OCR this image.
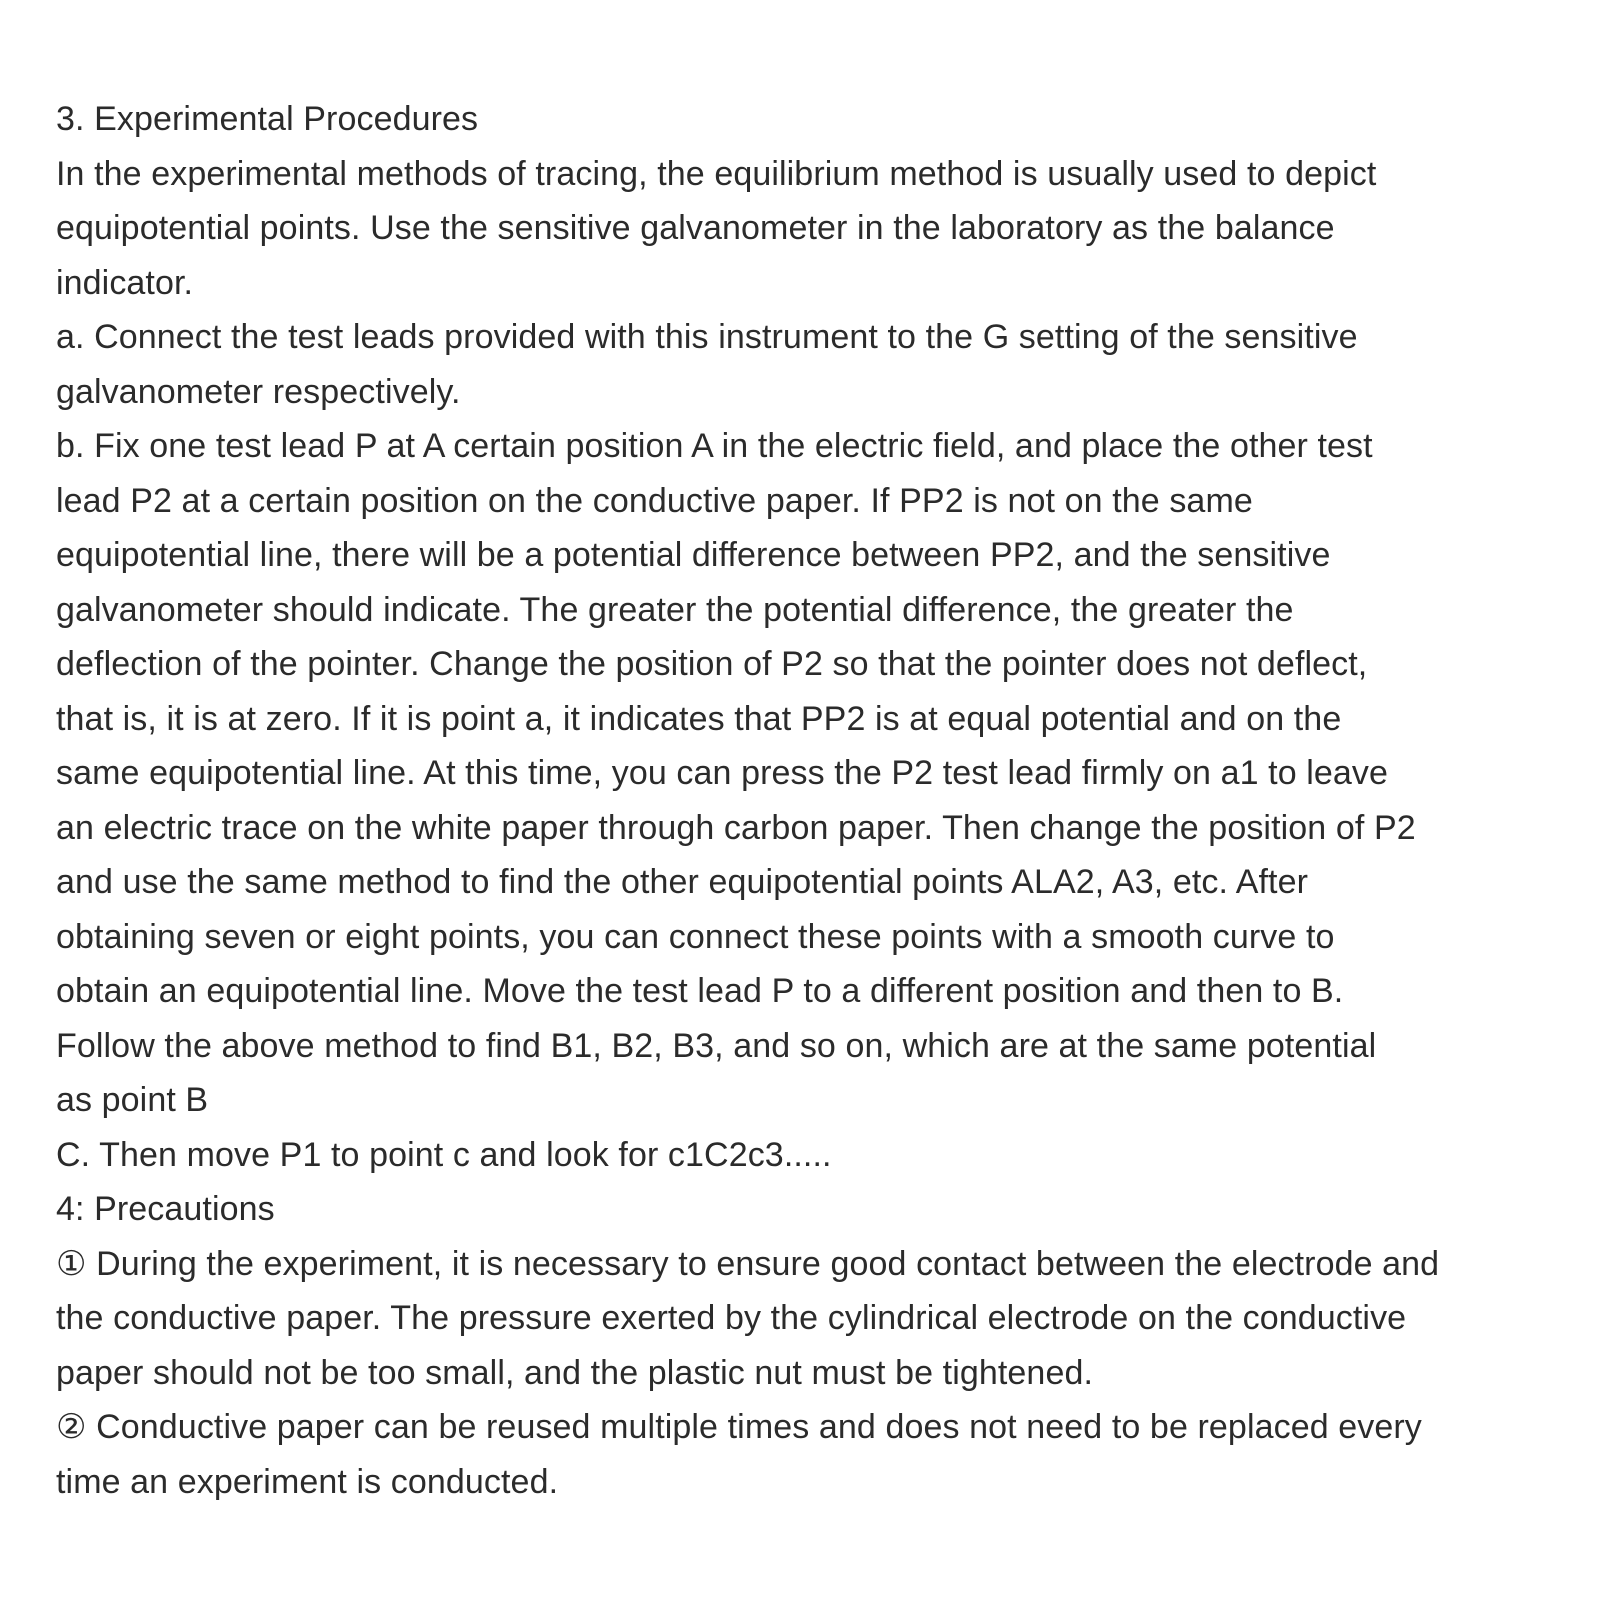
3. Experimental Procedures
In the experimental methods of tracing, the equilibrium method is usually used to depict
equipotential points. Use the sensitive galvanometer in the laboratory as the balance
indicator.
a. Connect the test leads provided with this instrument to the G setting of the sensitive
galvanometer respectively.
b. Fix one test lead P at A certain position A in the electric field, and place the other test
lead P2 at a certain position on the conductive paper. If PP2 is not on the same
equipotential line, there will be a potential difference between PP2, and the sensitive
galvanometer should indicate. The greater the potential difference, the greater the
deflection of the pointer. Change the position of P2 so that the pointer does not deflect,
that is, it is at zero. If it is point a, it indicates that PP2 is at equal potential and on the
same equipotential line. At this time, you can press the P2 test lead firmly on a1 to leave
an electric trace on the white paper through carbon paper. Then change the position of P2
and use the same method to find the other equipotential points ALA2, A3, etc. After
obtaining seven or eight points, you can connect these points with a smooth curve to
obtain an equipotential line. Move the test lead P to a different position and then to B.
Follow the above method to find B1, B2, B3, and so on, which are at the same potential
as point B
C. Then move P1 to point c and look for c1C2c3.....
4: Precautions
① During the experiment, it is necessary to ensure good contact between the electrode and
the conductive paper. The pressure exerted by the cylindrical electrode on the conductive
paper should not be too small, and the plastic nut must be tightened.
② Conductive paper can be reused multiple times and does not need to be replaced every
time an experiment is conducted.
